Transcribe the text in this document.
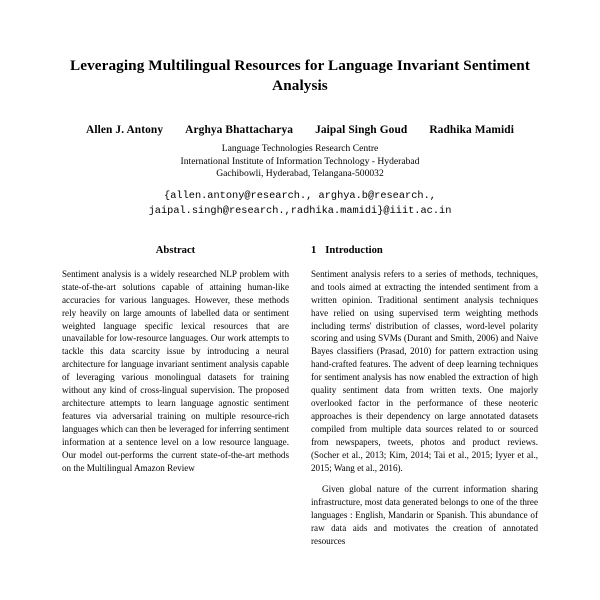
Leveraging Multilingual Resources for Language Invariant Sentiment Analysis
Allen J. Antony Arghya Bhattacharya Jaipal Singh Goud Radhika Mamidi
Language Technologies Research Centre
International Institute of Information Technology - Hyderabad
Gachibowli, Hyderabad, Telangana-500032
{allen.antony@research., arghya.b@research.,
jaipal.singh@research.,radhika.mamidi}@iiit.ac.in
Abstract

Sentiment analysis is a widely researched NLP problem with state-of-the-art solutions capable of attaining human-like accuracies for various languages. However, these methods rely heavily on large amounts of labelled data or sentiment weighted language specific lexical resources that are unavailable for low-resource languages. Our work attempts to tackle this data scarcity issue by introducing a neural architecture for language invariant sentiment analysis capable of leveraging various monolingual datasets for training without any kind of cross-lingual supervision. The proposed architecture attempts to learn language agnostic sentiment features via adversarial training on multiple resource-rich languages which can then be leveraged for inferring sentiment information at a sentence level on a low resource language. Our model out-performs the current state-of-the-art methods on the Multilingual Amazon Review

1 Introduction

Sentiment analysis refers to a series of methods, techniques, and tools aimed at extracting the intended sentiment from a written opinion. Traditional sentiment analysis techniques have relied on using supervised term weighting methods including terms' distribution of classes, word-level polarity scoring and using SVMs (Durant and Smith, 2006) and Naive Bayes classifiers (Prasad, 2010) for pattern extraction using hand-crafted features. The advent of deep learning techniques for sentiment analysis has now enabled the extraction of high quality sentiment data from written texts. One majorly overlooked factor in the performance of these neoteric approaches is their dependency on large annotated datasets compiled from multiple data sources related to or sourced from newspapers, tweets, photos and product reviews. (Socher et al., 2013; Kim, 2014; Tai et al., 2015; Iyyer et al., 2015; Wang et al., 2016).

Given global nature of the current information sharing infrastructure, most data generated belongs to one of the three languages : English, Mandarin or Spanish. This abundance of raw data aids and motivates the creation of annotated resources
